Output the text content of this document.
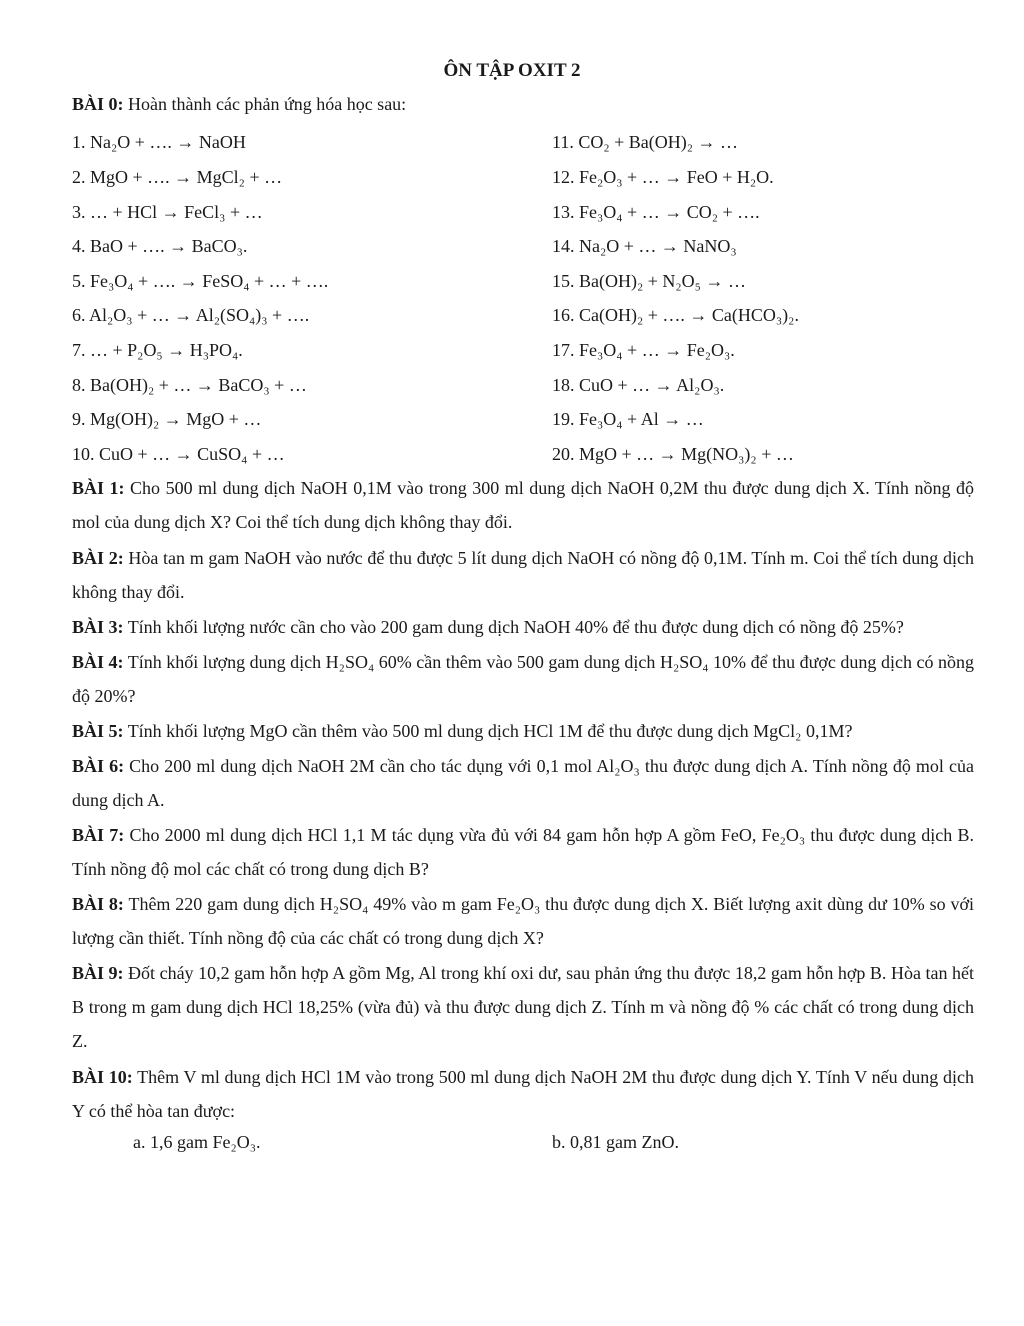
ÔN TẬP OXIT 2
BÀI 0: Hoàn thành các phản ứng hóa học sau:
1. Na₂O + …. → NaOH
2. MgO + …. → MgCl₂ + …
3. … + HCl → FeCl₃ + …
4. BaO + …. → BaCO₃.
5. Fe₃O₄ + …. → FeSO₄ + … + ….
6. Al₂O₃ + … → Al₂(SO₄)₃ + ….
7. … + P₂O₅ → H₃PO₄.
8. Ba(OH)₂ + … → BaCO₃ + …
9. Mg(OH)₂ → MgO + …
10. CuO + … → CuSO₄ + …
11. CO₂ + Ba(OH)₂ → …
12. Fe₂O₃ + … → FeO + H₂O.
13. Fe₃O₄ + … → CO₂ + ….
14. Na₂O + … → NaNO₃
15. Ba(OH)₂ + N₂O₅ → …
16. Ca(OH)₂ + …. → Ca(HCO₃)₂.
17. Fe₃O₄ + … → Fe₂O₃.
18. CuO + … → Al₂O₃.
19. Fe₃O₄ + Al → …
20. MgO + … → Mg(NO₃)₂ + …
BÀI 1: Cho 500 ml dung dịch NaOH 0,1M vào trong 300 ml dung dịch NaOH 0,2M thu được dung dịch X. Tính nồng độ mol của dung dịch X? Coi thể tích dung dịch không thay đổi.
BÀI 2: Hòa tan m gam NaOH vào nước để thu được 5 lít dung dịch NaOH có nồng độ 0,1M. Tính m. Coi thể tích dung dịch không thay đổi.
BÀI 3: Tính khối lượng nước cần cho vào 200 gam dung dịch NaOH 40% để thu được dung dịch có nồng độ 25%?
BÀI 4: Tính khối lượng dung dịch H₂SO₄ 60% cần thêm vào 500 gam dung dịch H₂SO₄ 10% để thu được dung dịch có nồng độ 20%?
BÀI 5: Tính khối lượng MgO cần thêm vào 500 ml dung dịch HCl 1M để thu được dung dịch MgCl₂ 0,1M?
BÀI 6: Cho 200 ml dung dịch NaOH 2M cần cho tác dụng với 0,1 mol Al₂O₃ thu được dung dịch A. Tính nồng độ mol của dung dịch A.
BÀI 7: Cho 2000 ml dung dịch HCl 1,1 M tác dụng vừa đủ với 84 gam hỗn hợp A gồm FeO, Fe₂O₃ thu được dung dịch B. Tính nồng độ mol các chất có trong dung dịch B?
BÀI 8: Thêm 220 gam dung dịch H₂SO₄ 49% vào m gam Fe₂O₃ thu được dung dịch X. Biết lượng axit dùng dư 10% so với lượng cần thiết. Tính nồng độ của các chất có trong dung dịch X?
BÀI 9: Đốt cháy 10,2 gam hỗn hợp A gồm Mg, Al trong khí oxi dư, sau phản ứng thu được 18,2 gam hỗn hợp B. Hòa tan hết B trong m gam dung dịch HCl 18,25% (vừa đủ) và thu được dung dịch Z. Tính m và nồng độ % các chất có trong dung dịch Z.
BÀI 10: Thêm V ml dung dịch HCl 1M vào trong 500 ml dung dịch NaOH 2M thu được dung dịch Y. Tính V nếu dung dịch Y có thể hòa tan được:
a. 1,6 gam Fe₂O₃.	b. 0,81 gam ZnO.
